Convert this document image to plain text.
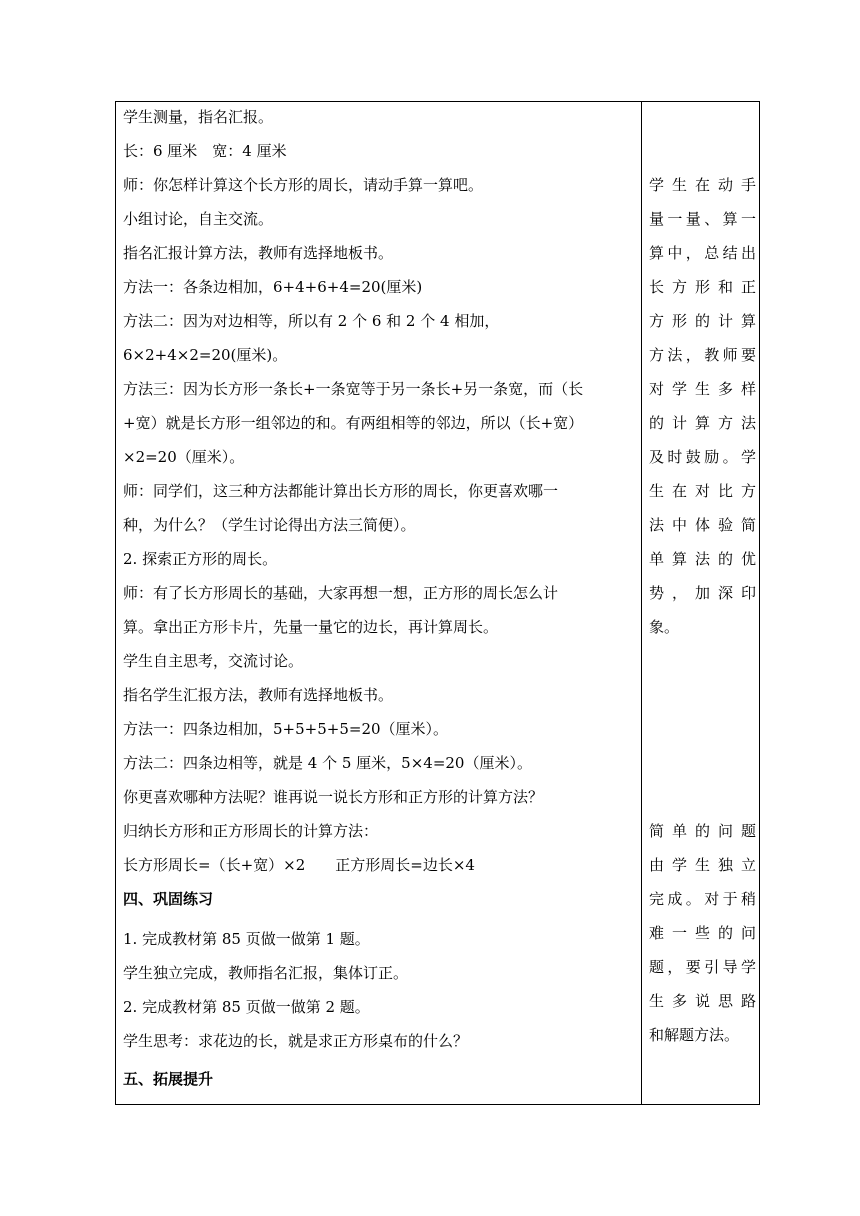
学生测量，指名汇报。
长：6 厘米　宽：4 厘米
师：你怎样计算这个长方形的周长，请动手算一算吧。
小组讨论，自主交流。
指名汇报计算方法，教师有选择地板书。
方法一：各条边相加，6+4+6+4=20(厘米)
方法二：因为对边相等，所以有 2 个 6 和 2 个 4 相加，
6×2+4×2=20(厘米)。
方法三：因为长方形一条长+一条宽等于另一条长+另一条宽，而（长
+宽）就是长方形一组邻边的和。有两组相等的邻边，所以（长+宽）
×2=20（厘米）。
师：同学们，这三种方法都能计算出长方形的周长，你更喜欢哪一
种，为什么？（学生讨论得出方法三简便）。
2. 探索正方形的周长。
师：有了长方形周长的基础，大家再想一想，正方形的周长怎么计
算。拿出正方形卡片，先量一量它的边长，再计算周长。
学生自主思考，交流讨论。
指名学生汇报方法，教师有选择地板书。
方法一：四条边相加，5+5+5+5=20（厘米）。
方法二：四条边相等，就是 4 个 5 厘米，5×4=20（厘米）。
你更喜欢哪种方法呢？谁再说一说长方形和正方形的计算方法？
归纳长方形和正方形周长的计算方法：
长方形周长=（长+宽）×2　　正方形周长=边长×4
四、巩固练习
1. 完成教材第 85 页做一做第 1 题。
学生独立完成，教师指名汇报，集体订正。
2. 完成教材第 85 页做一做第 2 题。
学生思考：求花边的长，就是求正方形桌布的什么？
五、拓展提升
学生在动手
量一量、算一
算中，总结出
长方形和正
方形的计算
方法，教师要
对学生多样
的计算方法
及时鼓励。学
生在对比方
法中体验简
单算法的优
势，加深印
象。
简单的问题
由学生独立
完成。对于稍
难一些的问
题，要引导学
生多说思路
和解题方法。
